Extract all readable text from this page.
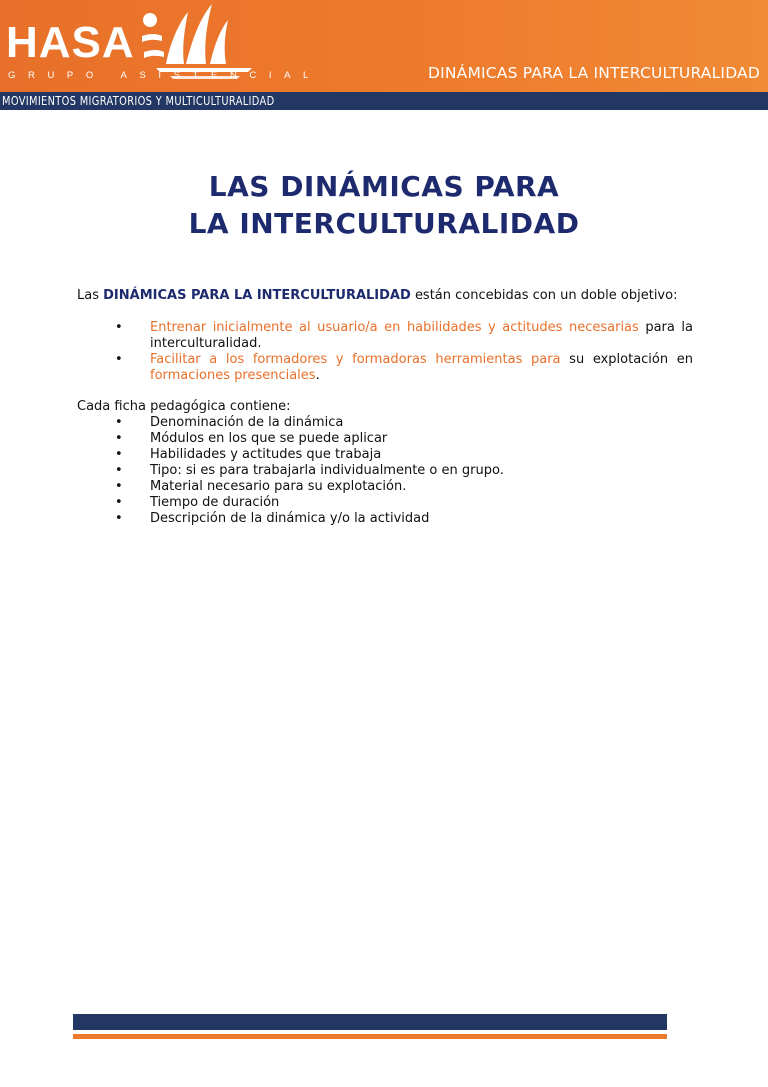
HASA
GRUPO ASISTENCIAL	DINÁMICAS PARA LA INTERCULTURALIDAD
MOVIMIENTOS MIGRATORIOS Y MULTICULTURALIDAD
LAS DINÁMICAS PARA
LA INTERCULTURALIDAD
Las DINÁMICAS PARA LA INTERCULTURALIDAD están concebidas con un doble objetivo:
• Entrenar inicialmente al usuario/a en habilidades y actitudes necesarias para la interculturalidad.
• Facilitar a los formadores y formadoras herramientas para su explotación en formaciones presenciales.
Cada ficha pedagógica contiene:
• Denominación de la dinámica
• Módulos en los que se puede aplicar
• Habilidades y actitudes que trabaja
• Tipo: si es para trabajarla individualmente o en grupo.
• Material necesario para su explotación.
• Tiempo de duración
• Descripción de la dinámica y/o la actividad
